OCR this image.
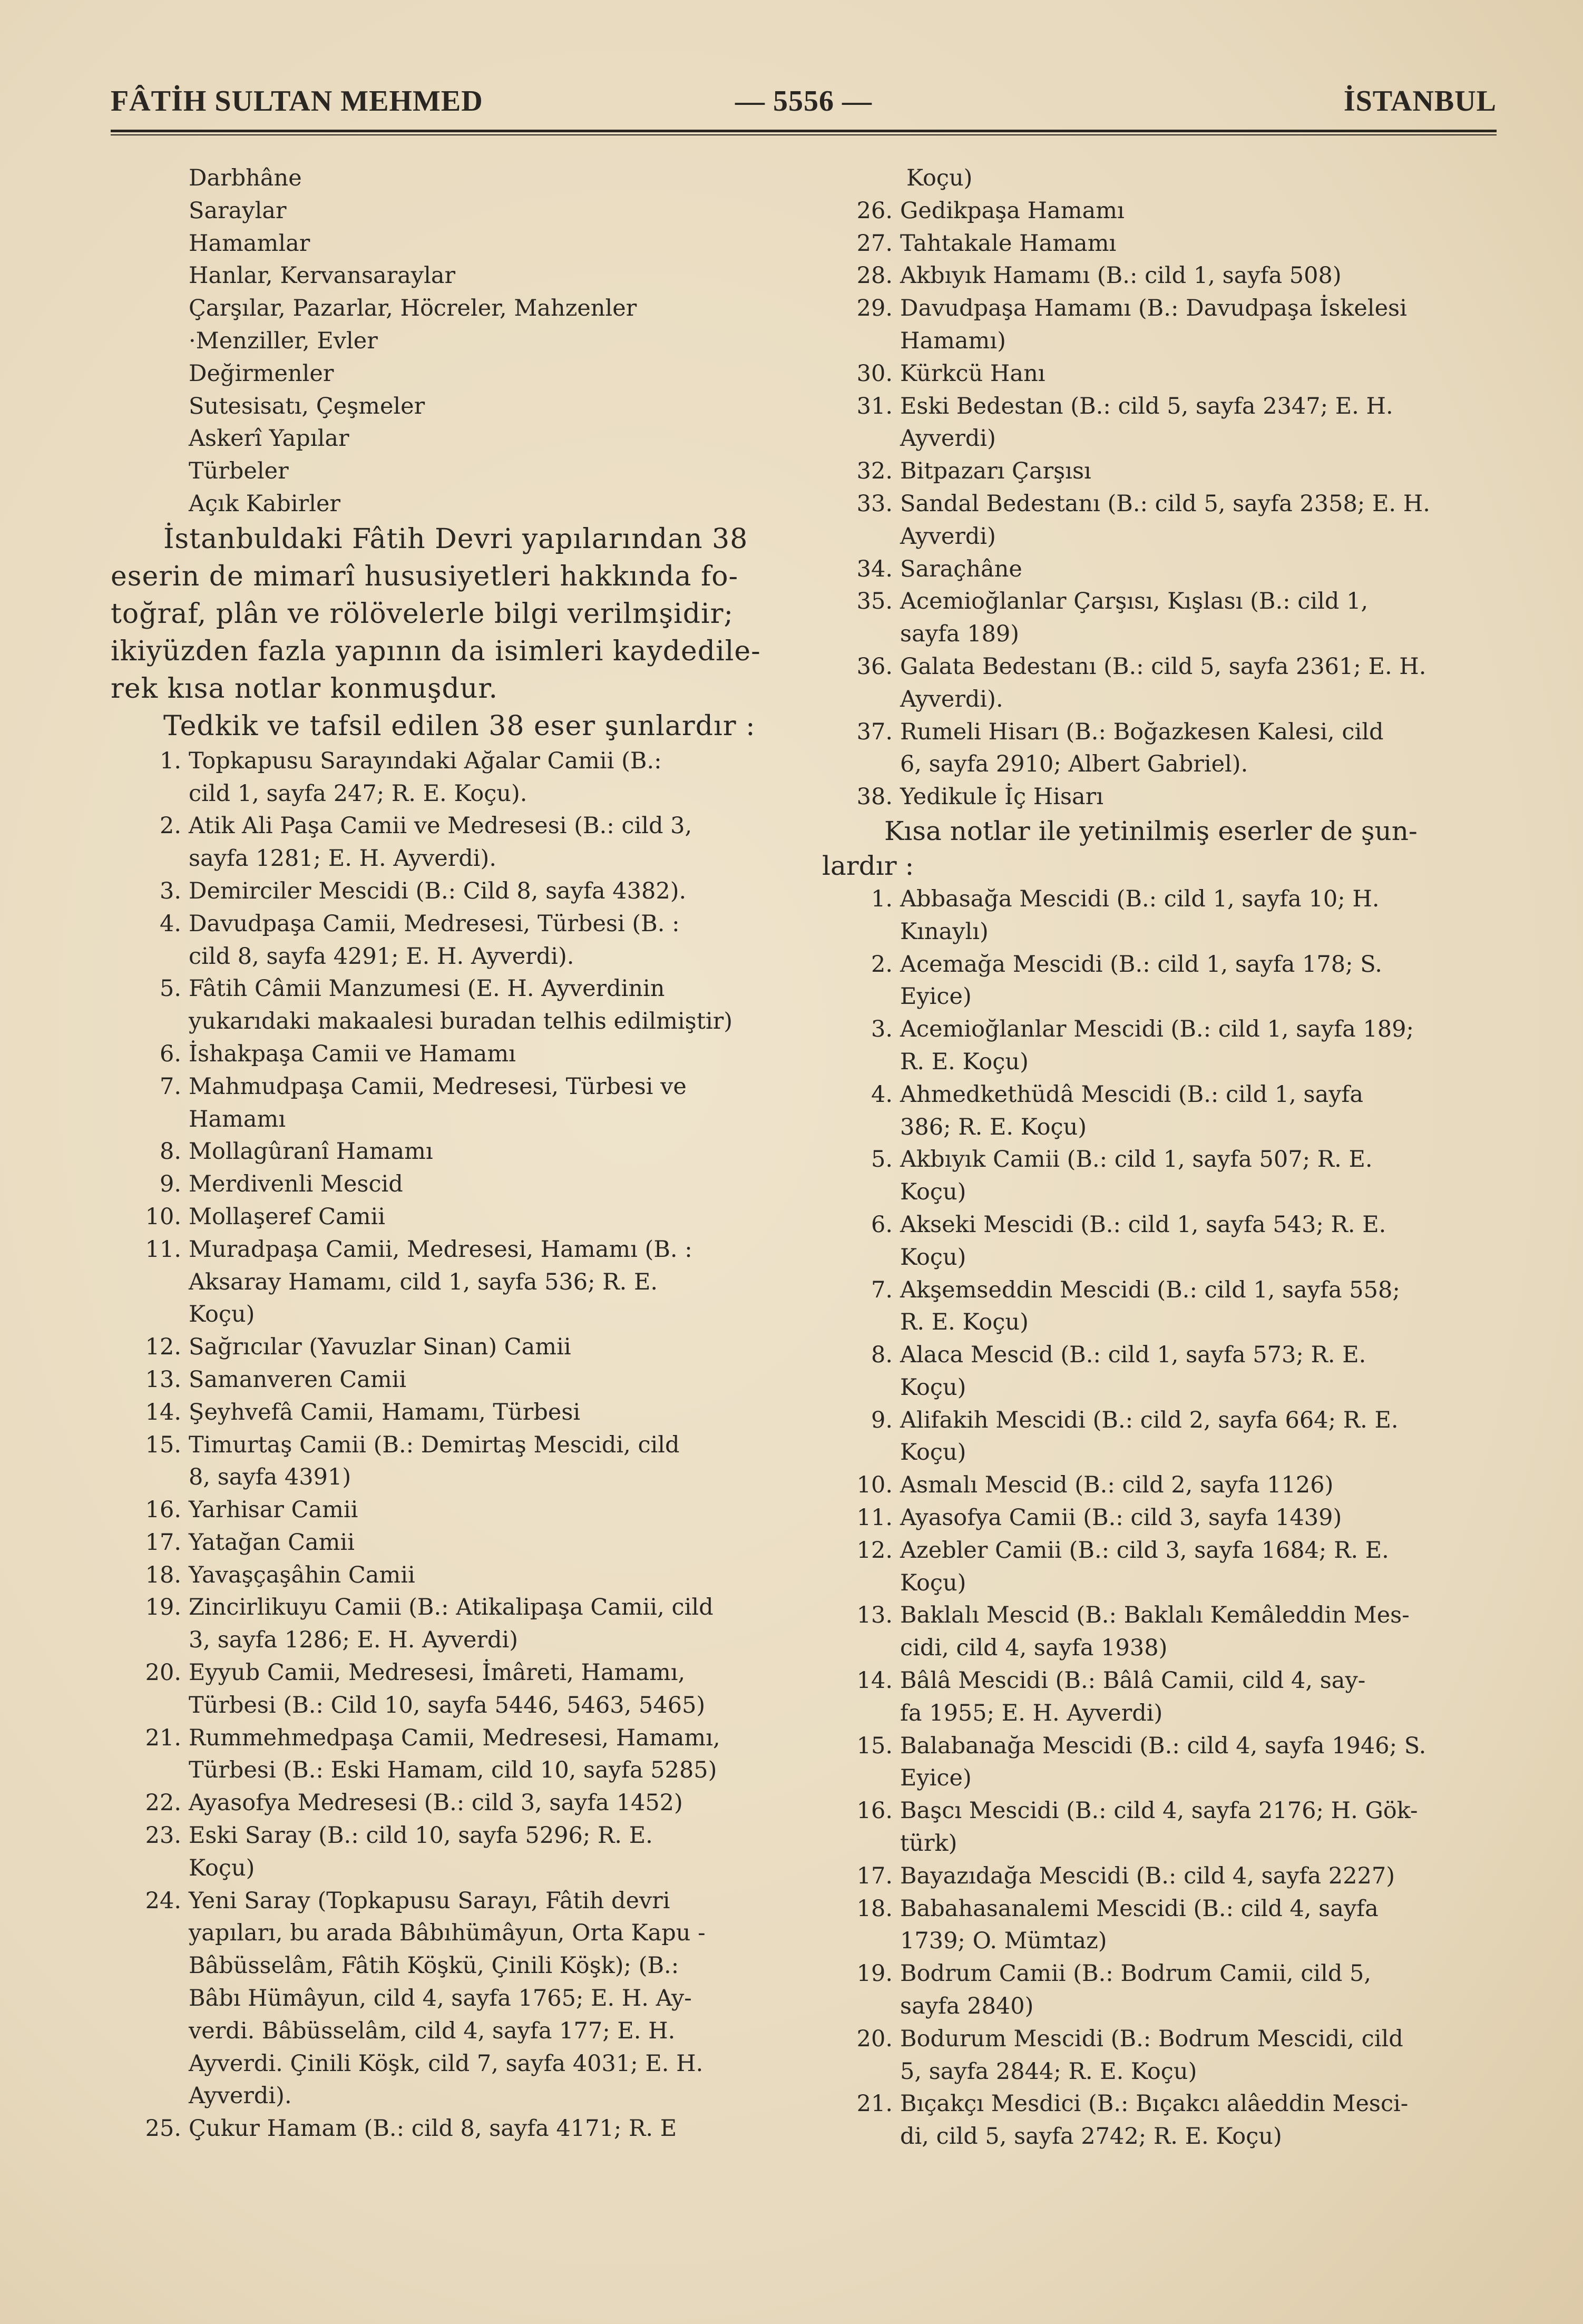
FÂTİH SULTAN MEHMED	— 5556 —	İSTANBUL
Darbhâne
Saraylar
Hamamlar
Hanlar, Kervansaraylar
Çarşılar, Pazarlar, Höcreler, Mahzenler
·Menziller, Evler
Değirmenler
Sutesisatı, Çeşmeler
Askerî Yapılar
Türbeler
Açık Kabirler
İstanbuldaki Fâtih Devri yapılarından 38
eserin de mimarî hususiyetleri hakkında fo-
toğraf, plân ve rölövelerle bilgi verilmşidir;
ikiyüzden fazla yapının da isimleri kaydedile-
rek kısa notlar konmuşdur.
Tedkik ve tafsil edilen 38 eser şunlardır :
1. Topkapusu Sarayındaki Ağalar Camii (B.:
cild 1, sayfa 247; R. E. Koçu).
2. Atik Ali Paşa Camii ve Medresesi (B.: cild 3,
sayfa 1281; E. H. Ayverdi).
3. Demirciler Mescidi (B.: Cild 8, sayfa 4382).
4. Davudpaşa Camii, Medresesi, Türbesi (B. :
cild 8, sayfa 4291; E. H. Ayverdi).
5. Fâtih Câmii Manzumesi (E. H. Ayverdinin
yukarıdaki makaalesi buradan telhis edilmiştir)
6. İshakpaşa Camii ve Hamamı
7. Mahmudpaşa Camii, Medresesi, Türbesi ve
Hamamı
8. Mollagûranî Hamamı
9. Merdivenli Mescid
10. Mollaşeref Camii
11. Muradpaşa Camii, Medresesi, Hamamı (B. :
Aksaray Hamamı, cild 1, sayfa 536; R. E.
Koçu)
12. Sağrıcılar (Yavuzlar Sinan) Camii
13. Samanveren Camii
14. Şeyhvefâ Camii, Hamamı, Türbesi
15. Timurtaş Camii (B.: Demirtaş Mescidi, cild
8, sayfa 4391)
16. Yarhisar Camii
17. Yatağan Camii
18. Yavaşçaşâhin Camii
19. Zincirlikuyu Camii (B.: Atikalipaşa Camii, cild
3, sayfa 1286; E. H. Ayverdi)
20. Eyyub Camii, Medresesi, İmâreti, Hamamı,
Türbesi (B.: Cild 10, sayfa 5446, 5463, 5465)
21. Rummehmedpaşa Camii, Medresesi, Hamamı,
Türbesi (B.: Eski Hamam, cild 10, sayfa 5285)
22. Ayasofya Medresesi (B.: cild 3, sayfa 1452)
23. Eski Saray (B.: cild 10, sayfa 5296; R. E.
Koçu)
24. Yeni Saray (Topkapusu Sarayı, Fâtih devri
yapıları, bu arada Bâbıhümâyun, Orta Kapu -
Bâbüsselâm, Fâtih Köşkü, Çinili Köşk); (B.:
Bâbı Hümâyun, cild 4, sayfa 1765; E. H. Ay-
verdi. Bâbüsselâm, cild 4, sayfa 177; E. H.
Ayverdi. Çinili Köşk, cild 7, sayfa 4031; E. H.
Ayverdi).
25. Çukur Hamam (B.: cild 8, sayfa 4171; R. E
Koçu)
26. Gedikpaşa Hamamı
27. Tahtakale Hamamı
28. Akbıyık Hamamı (B.: cild 1, sayfa 508)
29. Davudpaşa Hamamı (B.: Davudpaşa İskelesi
Hamamı)
30. Kürkcü Hanı
31. Eski Bedestan (B.: cild 5, sayfa 2347; E. H.
Ayverdi)
32. Bitpazarı Çarşısı
33. Sandal Bedestanı (B.: cild 5, sayfa 2358; E. H.
Ayverdi)
34. Saraçhâne
35. Acemioğlanlar Çarşısı, Kışlası (B.: cild 1,
sayfa 189)
36. Galata Bedestanı (B.: cild 5, sayfa 2361; E. H.
Ayverdi).
37. Rumeli Hisarı (B.: Boğazkesen Kalesi, cild
6, sayfa 2910; Albert Gabriel).
38. Yedikule İç Hisarı
Kısa notlar ile yetinilmiş eserler de şun-
lardır :
1. Abbasağa Mescidi (B.: cild 1, sayfa 10; H.
Kınaylı)
2. Acemağa Mescidi (B.: cild 1, sayfa 178; S.
Eyice)
3. Acemioğlanlar Mescidi (B.: cild 1, sayfa 189;
R. E. Koçu)
4. Ahmedkethüdâ Mescidi (B.: cild 1, sayfa
386; R. E. Koçu)
5. Akbıyık Camii (B.: cild 1, sayfa 507; R. E.
Koçu)
6. Akseki Mescidi (B.: cild 1, sayfa 543; R. E.
Koçu)
7. Akşemseddin Mescidi (B.: cild 1, sayfa 558;
R. E. Koçu)
8. Alaca Mescid (B.: cild 1, sayfa 573; R. E.
Koçu)
9. Alifakih Mescidi (B.: cild 2, sayfa 664; R. E.
Koçu)
10. Asmalı Mescid (B.: cild 2, sayfa 1126)
11. Ayasofya Camii (B.: cild 3, sayfa 1439)
12. Azebler Camii (B.: cild 3, sayfa 1684; R. E.
Koçu)
13. Baklalı Mescid (B.: Baklalı Kemâleddin Mes-
cidi, cild 4, sayfa 1938)
14. Bâlâ Mescidi (B.: Bâlâ Camii, cild 4, say-
fa 1955; E. H. Ayverdi)
15. Balabanağa Mescidi (B.: cild 4, sayfa 1946; S.
Eyice)
16. Başcı Mescidi (B.: cild 4, sayfa 2176; H. Gök-
türk)
17. Bayazıdağa Mescidi (B.: cild 4, sayfa 2227)
18. Babahasanalemi Mescidi (B.: cild 4, sayfa
1739; O. Mümtaz)
19. Bodrum Camii (B.: Bodrum Camii, cild 5,
sayfa 2840)
20. Bodurum Mescidi (B.: Bodrum Mescidi, cild
5, sayfa 2844; R. E. Koçu)
21. Bıçakçı Mesdici (B.: Bıçakcı alâeddin Mesci-
di, cild 5, sayfa 2742; R. E. Koçu)
